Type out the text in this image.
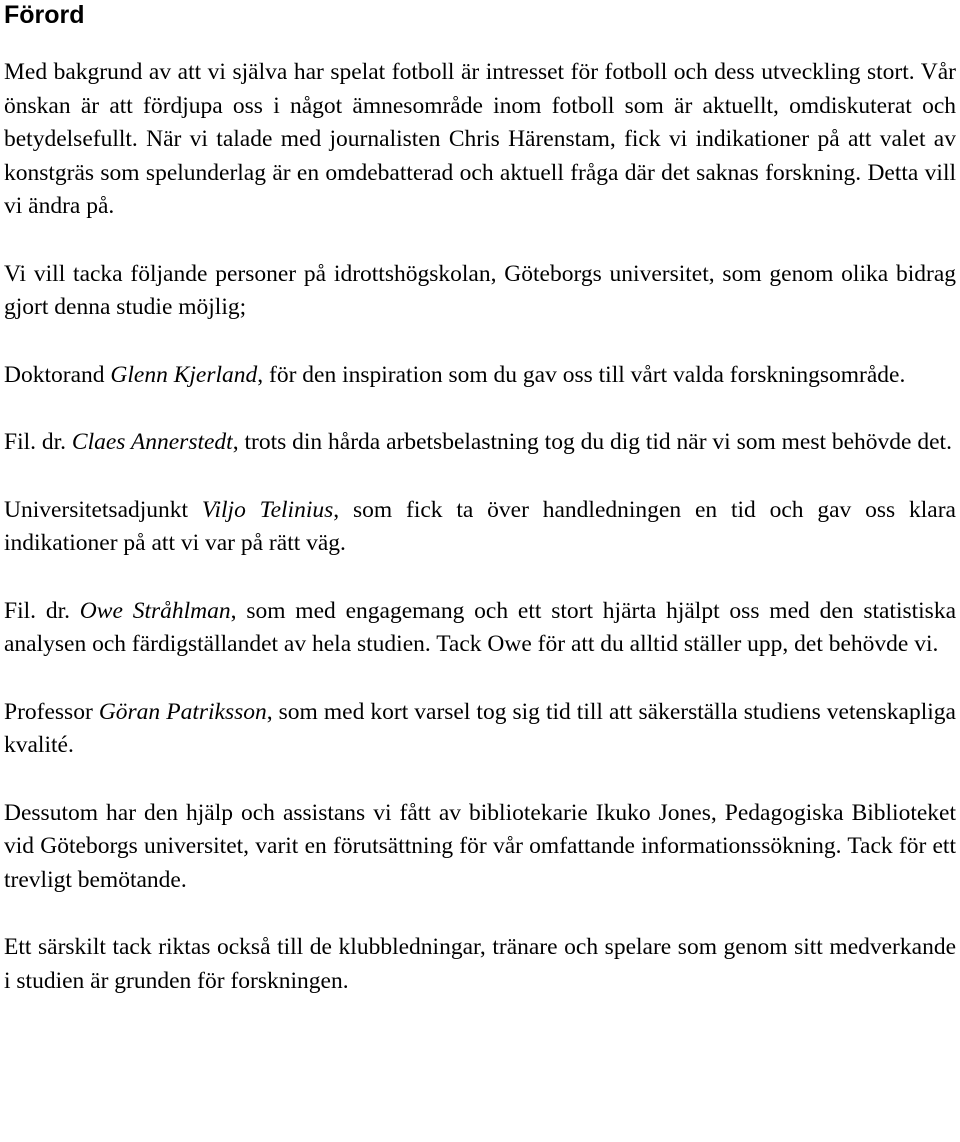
Förord

Med bakgrund av att vi själva har spelat fotboll är intresset för fotboll och dess utveckling stort. Vår önskan är att fördjupa oss i något ämnesområde inom fotboll som är aktuellt, omdiskuterat och betydelsefullt. När vi talade med journalisten Chris Härenstam, fick vi indikationer på att valet av konstgräs som spelunderlag är en omdebatterad och aktuell fråga där det saknas forskning. Detta vill vi ändra på.

Vi vill tacka följande personer på idrottshögskolan, Göteborgs universitet, som genom olika bidrag gjort denna studie möjlig;

Doktorand Glenn Kjerland, för den inspiration som du gav oss till vårt valda forskningsområde.

Fil. dr. Claes Annerstedt, trots din hårda arbetsbelastning tog du dig tid när vi som mest behövde det.

Universitetsadjunkt Viljo Telinius, som fick ta över handledningen en tid och gav oss klara indikationer på att vi var på rätt väg.

Fil. dr. Owe Stråhlman, som med engagemang och ett stort hjärta hjälpt oss med den statistiska analysen och färdigställandet av hela studien. Tack Owe för att du alltid ställer upp, det behövde vi.

Professor Göran Patriksson, som med kort varsel tog sig tid till att säkerställa studiens vetenskapliga kvalité.

Dessutom har den hjälp och assistans vi fått av bibliotekarie Ikuko Jones, Pedagogiska Biblioteket vid Göteborgs universitet, varit en förutsättning för vår omfattande informationssökning. Tack för ett trevligt bemötande.

Ett särskilt tack riktas också till de klubbledningar, tränare och spelare som genom sitt medverkande i studien är grunden för forskningen.
